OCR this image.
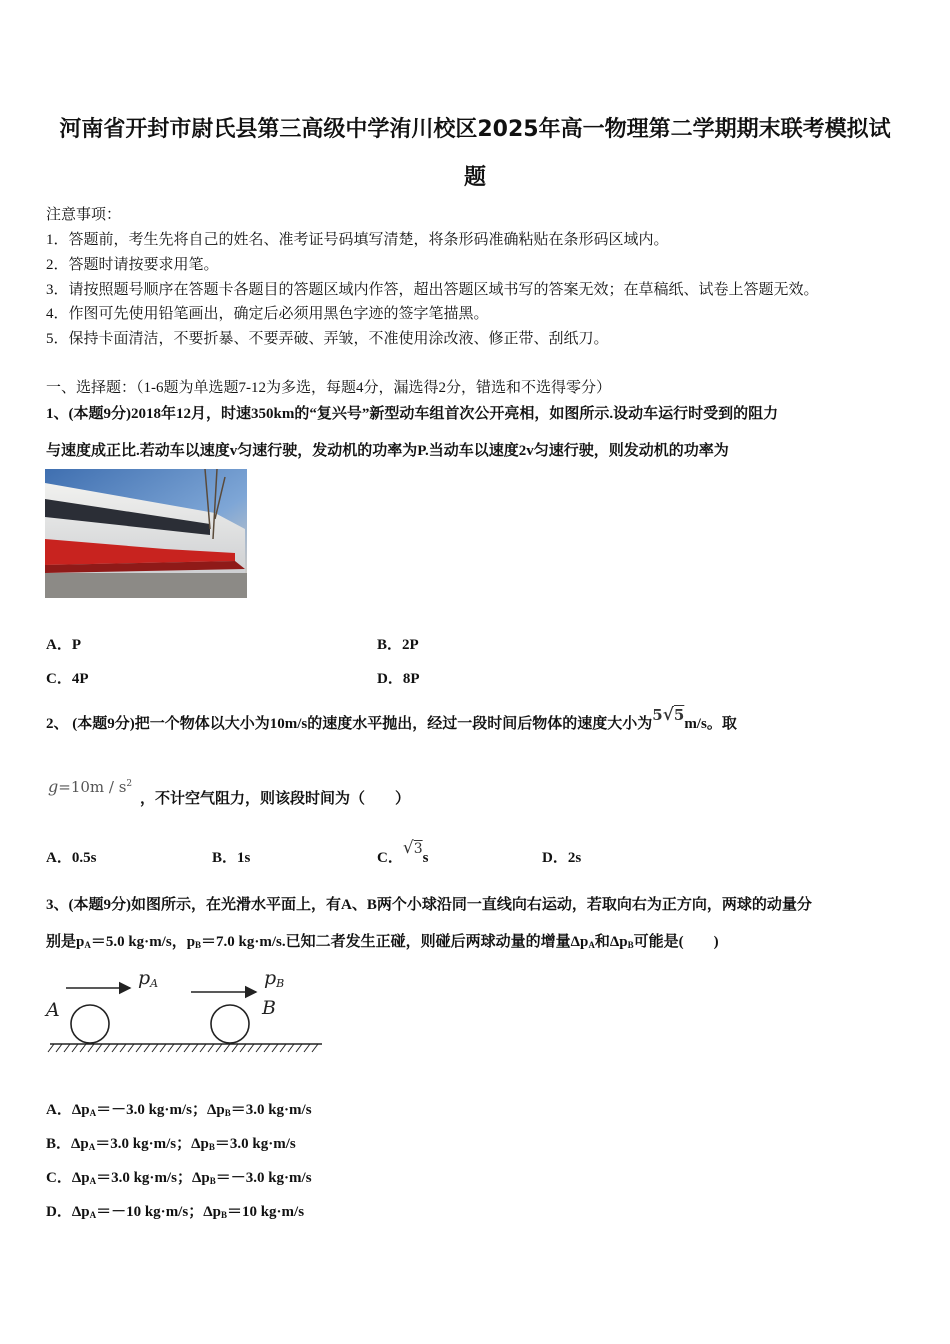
河南省开封市尉氏县第三高级中学洧川校区2025年高一物理第二学期期末联考模拟试
题
注意事项：
1．答题前，考生先将自己的姓名、准考证号码填写清楚，将条形码准确粘贴在条形码区域内。
2．答题时请按要求用笔。
3．请按照题号顺序在答题卡各题目的答题区域内作答，超出答题区域书写的答案无效；在草稿纸、试卷上答题无效。
4．作图可先使用铅笔画出，确定后必须用黑色字迹的签字笔描黑。
5．保持卡面清洁，不要折暴、不要弄破、弄皱，不准使用涂改液、修正带、刮纸刀。
一、选择题：（1-6题为单选题7-12为多选，每题4分，漏选得2分，错选和不选得零分）
1、(本题9分)2018年12月，时速350km的“复兴号”新型动车组首次公开亮相，如图所示.设动车运行时受到的阻力
与速度成正比.若动车以速度v匀速行驶，发动机的功率为P.当动车以速度2v匀速行驶，则发动机的功率为
A．P	B．2P
C．4P	D．8P
2、 (本题9分)把一个物体以大小为10m/s的速度水平抛出，经过一段时间后物体的速度大小为5√5m/s。取
$g=10m / s^2$
，不计空气阻力，则该段时间为（　　）
A．0.5s	B．1s	C．√3s	D．2s
3、(本题9分)如图所示，在光滑水平面上，有A、B两个小球沿同一直线向右运动，若取向右为正方向，两球的动量分
别是$p_A=5.0$ kg·m/s，$p_B=7.0$ kg·m/s.已知二者发生正碰，则碰后两球动量的增量$\Delta p_A$和$\Delta p_B$可能是(　　)
pA	pB
A	B
A．$\Delta p_A=-3.0$ kg·m/s；$\Delta p_B=3.0$ kg·m/s
B．$\Delta p_A=3.0$ kg·m/s；$\Delta p_B=3.0$ kg·m/s
C．$\Delta p_A=3.0$ kg·m/s；$\Delta p_B=-3.0$ kg·m/s
D．$\Delta p_A=-10$ kg·m/s；$\Delta p_B=10$ kg·m/s
